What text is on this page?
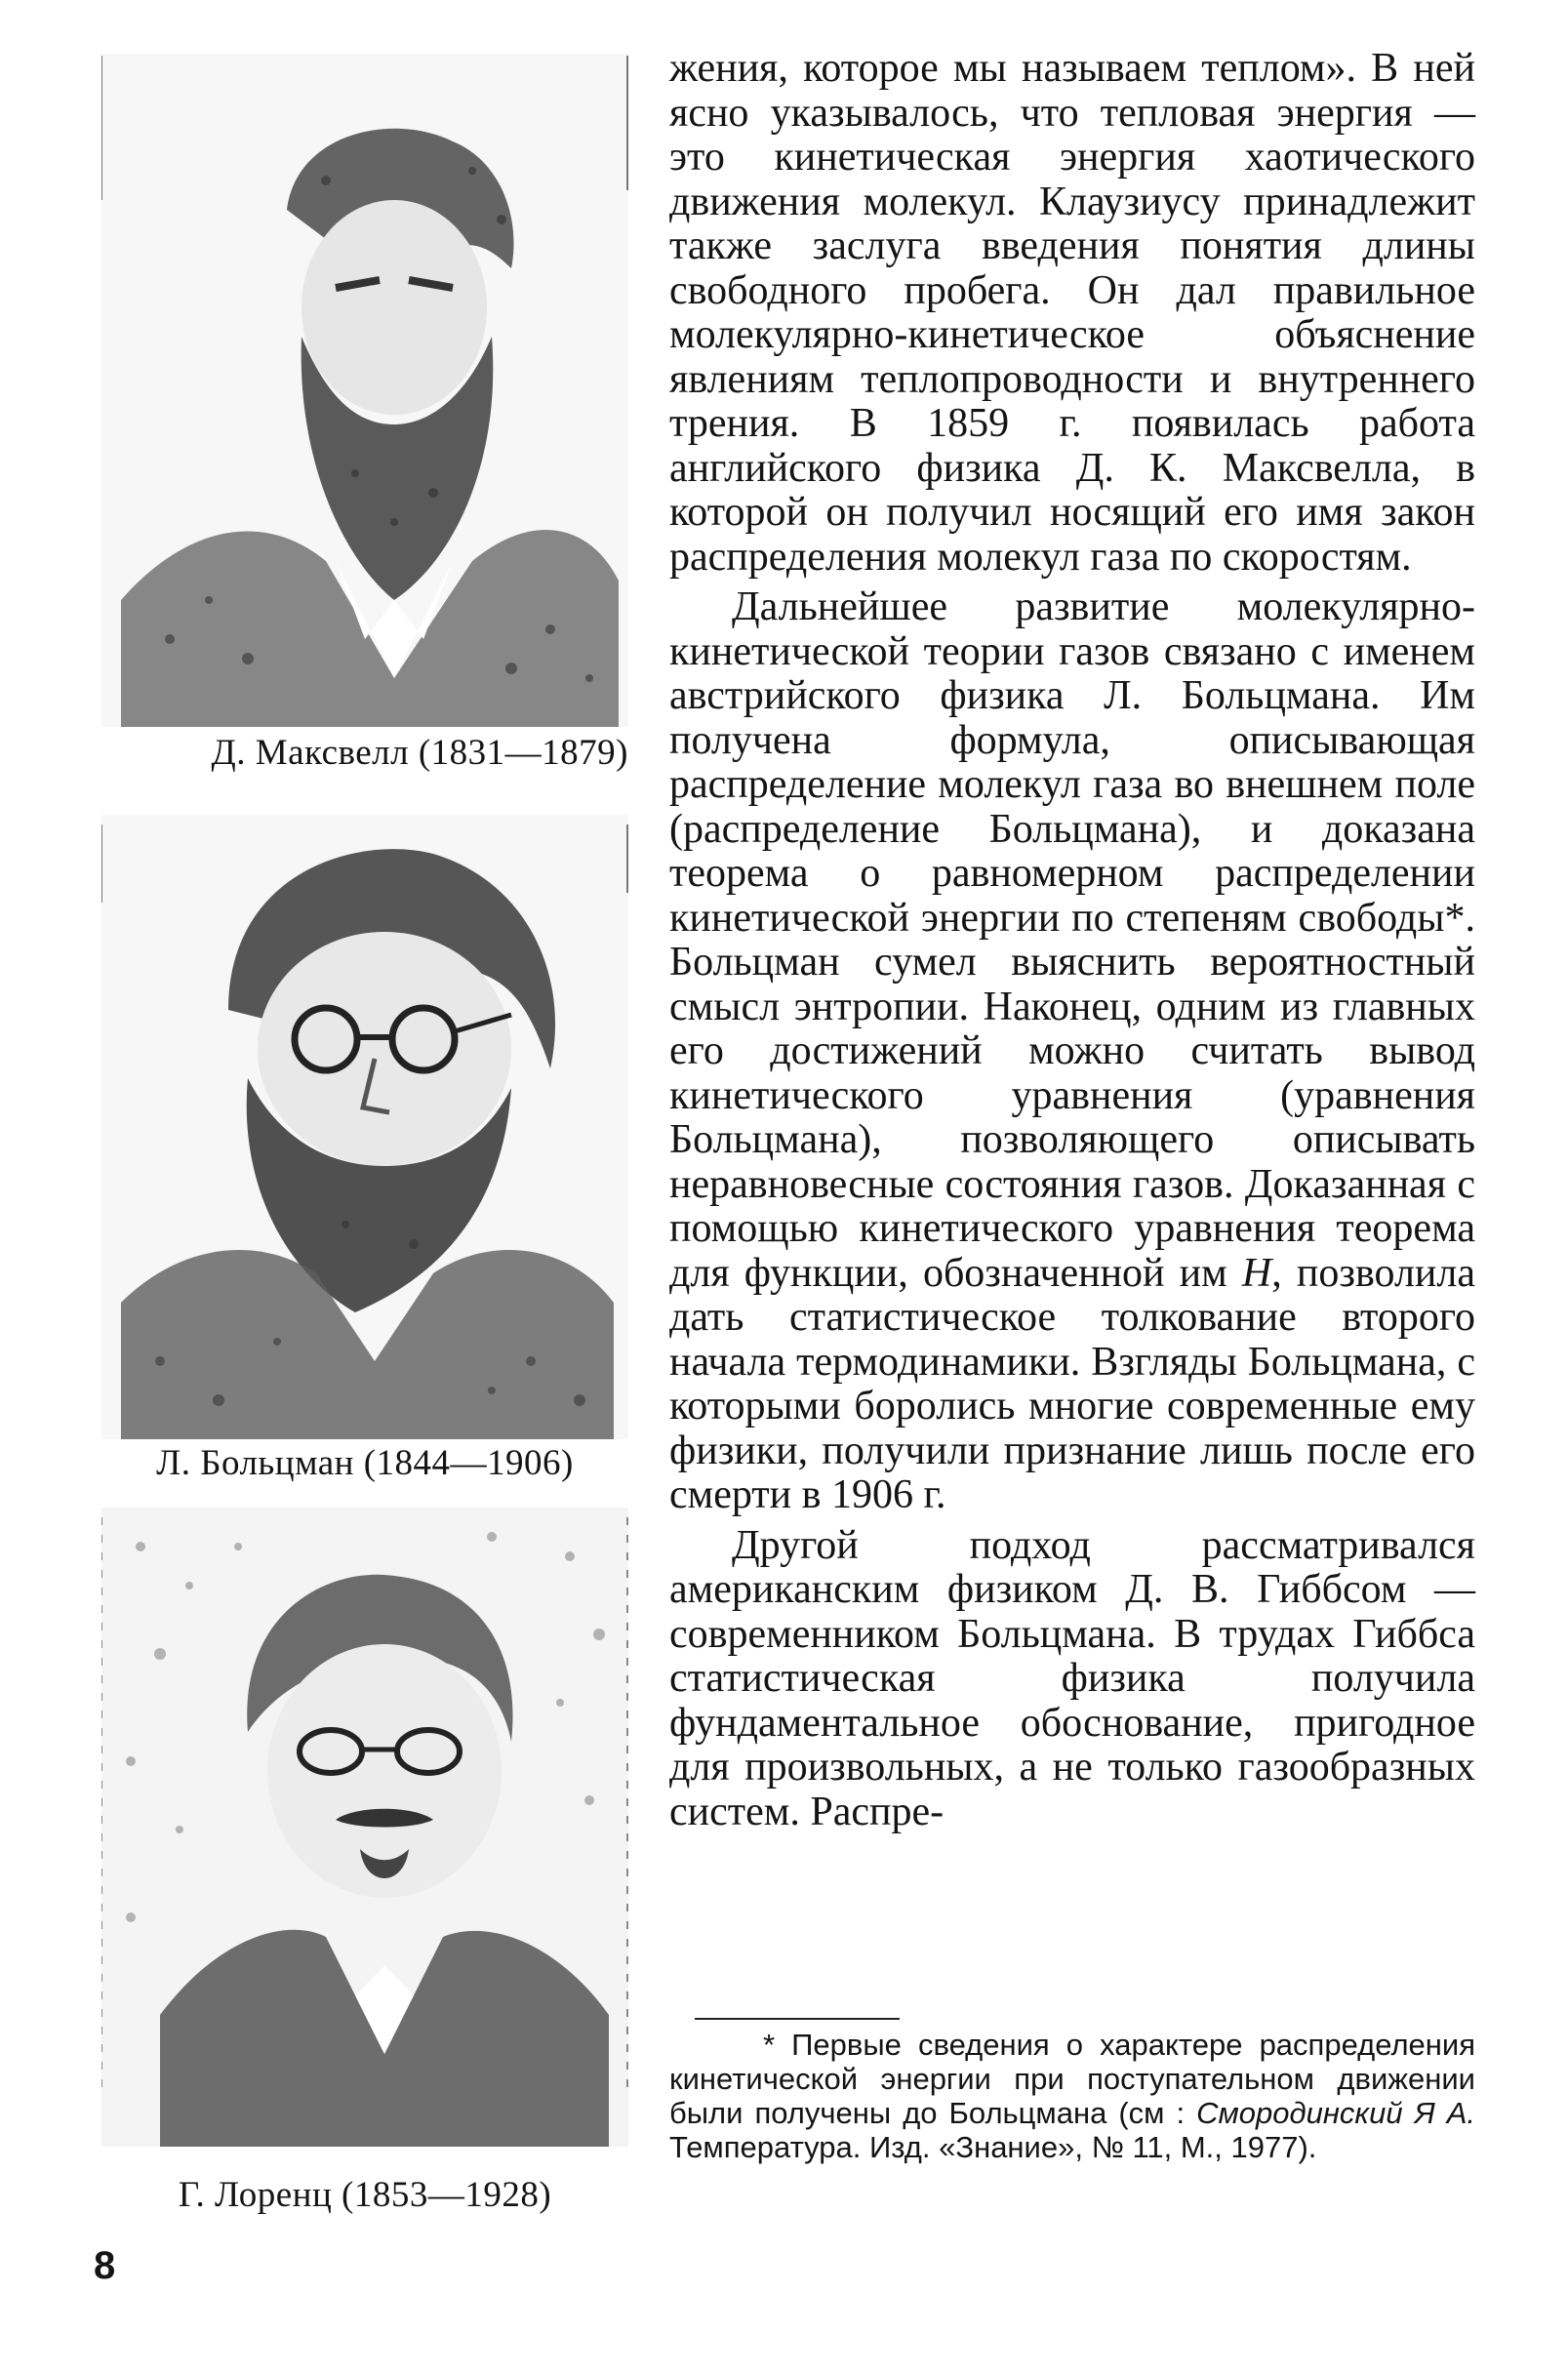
Д. Максвелл (1831—1879)
Л. Больцман (1844—1906)
Г. Лоренц (1853—1928)
8

жения, которое мы называем теплом». В ней ясно указывалось, что тепловая энергия — это кинетическая энергия хаотического движения молекул. Клаузиусу принадлежит также заслуга введения понятия длины свободного пробега. Он дал правильное молекулярно-кинетическое объяснение явлениям теплопроводности и внутреннего трения. В 1859 г. появилась работа английского физика Д. К. Максвелла, в которой он получил носящий его имя закон распределения молекул газа по скоростям.

Дальнейшее развитие молекулярно-кинетической теории газов связано с именем австрийского физика Л. Больцмана. Им получена формула, описывающая распределение молекул газа во внешнем поле (распределение Больцмана), и доказана теорема о равномерном распределении кинетической энергии по степеням свободы*. Больцман сумел выяснить вероятностный смысл энтропии. Наконец, одним из главных его достижений можно считать вывод кинетического уравнения (уравнения Больцмана), позволяющего описывать неравновесные состояния газов. Доказанная с помощью кинетического уравнения теорема для функции, обозначенной им H, позволила дать статистическое толкование второго начала термодинамики. Взгляды Больцмана, с которыми боролись многие современные ему физики, получили признание лишь после его смерти в 1906 г.

Другой подход рассматривался американским физиком Д. В. Гиббсом — современником Больцмана. В трудах Гиббса статистическая физика получила фундаментальное обоснование, пригодное для произвольных, а не только газообразных систем. Распре-

* Первые сведения о характере распределения кинетической энергии при поступательном движении были получены до Больцмана (см : Смородинский Я А. Температура. Изд. «Знание», № 11, М., 1977).
